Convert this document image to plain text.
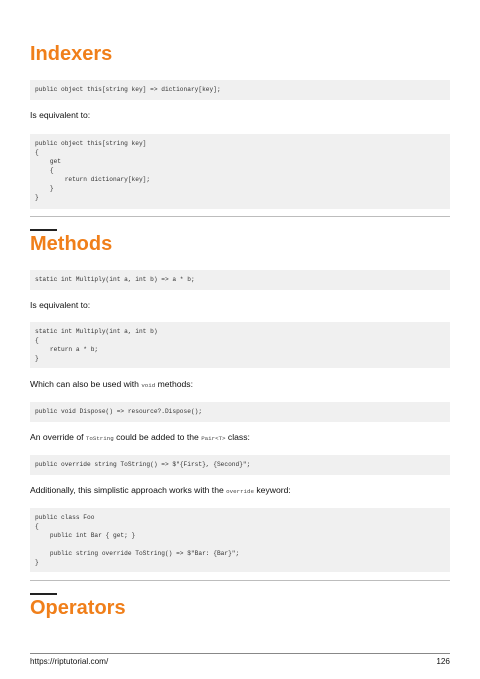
Indexers
public object this[string key] => dictionary[key];
Is equivalent to:
public object this[string key]
{
get
{
return dictionary[key];
}
}
Methods
static int Multiply(int a, int b) => a * b;
Is equivalent to:
static int Multiply(int a, int b)
{
return a * b;
}
Which can also be used with void methods:
public void Dispose() => resource?.Dispose();
An override of ToString could be added to the Pair<T> class:
public override string ToString() => $"{First}, {Second}";
Additionally, this simplistic approach works with the override keyword:
public class Foo
{
public int Bar { get; }
public string override ToString() => $"Bar: {Bar}";
}
Operators
https://riptutorial.com/	126
